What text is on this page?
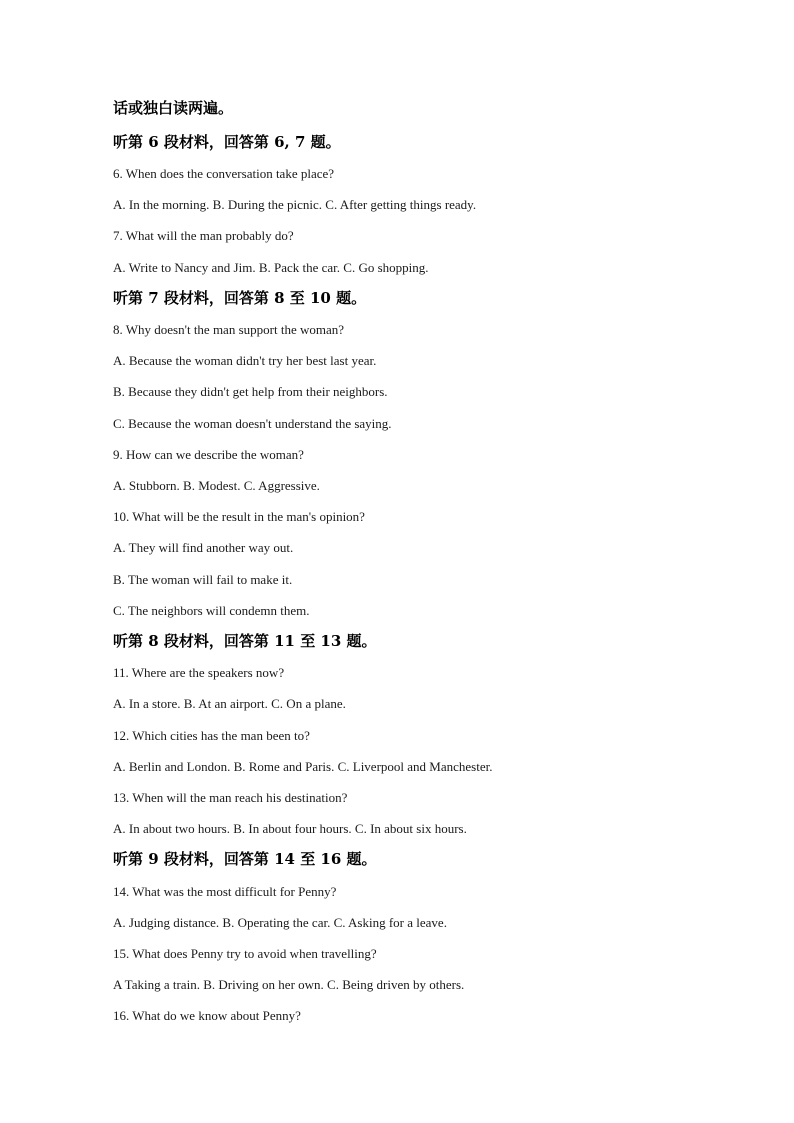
话或独白读两遍。
听第 6 段材料，回答第 6, 7 题。
6. When does the conversation take place?
A. In the morning. B. During the picnic. C. After getting things ready.
7. What will the man probably do?
A. Write to Nancy and Jim. B. Pack the car. C. Go shopping.
听第 7 段材料，回答第 8 至 10 题。
8. Why doesn't the man support the woman?
A. Because the woman didn't try her best last year.
B. Because they didn't get help from their neighbors.
C. Because the woman doesn't understand the saying.
9. How can we describe the woman?
A. Stubborn. B. Modest. C. Aggressive.
10. What will be the result in the man's opinion?
A. They will find another way out.
B. The woman will fail to make it.
C. The neighbors will condemn them.
听第 8 段材料，回答第 11 至 13 题。
11. Where are the speakers now?
A. In a store. B. At an airport. C. On a plane.
12. Which cities has the man been to?
A. Berlin and London. B. Rome and Paris. C. Liverpool and Manchester.
13. When will the man reach his destination?
A. In about two hours. B. In about four hours. C. In about six hours.
听第 9 段材料，回答第 14 至 16 题。
14. What was the most difficult for Penny?
A. Judging distance. B. Operating the car. C. Asking for a leave.
15. What does Penny try to avoid when travelling?
A Taking a train. B. Driving on her own. C. Being driven by others.
16. What do we know about Penny?
